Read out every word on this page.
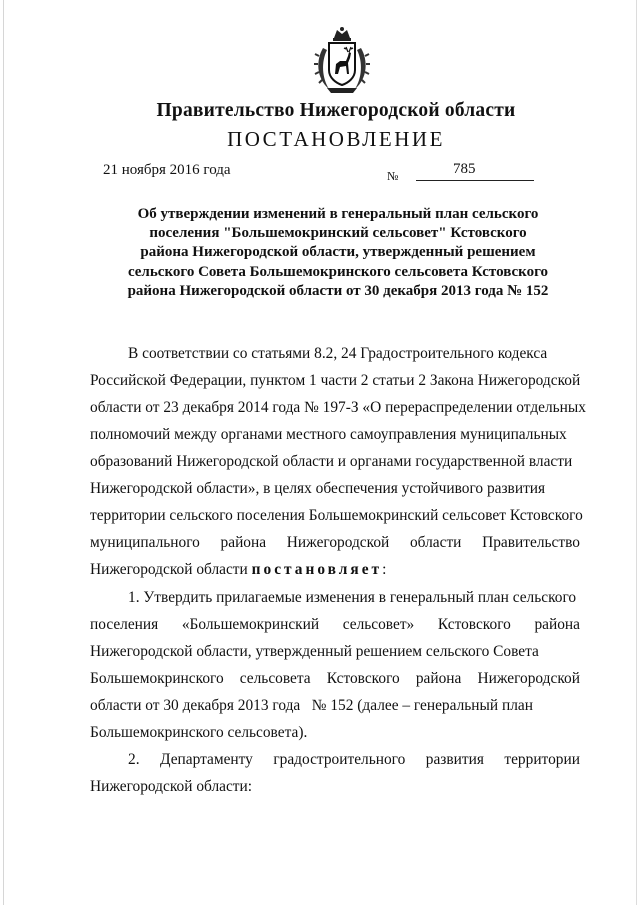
Правительство Нижегородской области
ПОСТАНОВЛЕНИЕ
21 ноября 2016 года	№	785
Об утверждении изменений в генеральный план сельского
поселения "Большемокринский сельсовет" Кстовского
района Нижегородской области, утвержденный решением
сельского Совета Большемокринского сельсовета Кстовского
района Нижегородской области от 30 декабря 2013 года № 152
В соответствии со статьями 8.2, 24 Градостроительного кодекса
Российской Федерации, пунктом 1 части 2 статьи 2 Закона Нижегородской
области от 23 декабря 2014 года № 197-З «О перераспределении отдельных
полномочий между органами местного самоуправления муниципальных
образований Нижегородской области и органами государственной власти
Нижегородской области», в целях обеспечения устойчивого развития
территории сельского поселения Большемокринский сельсовет Кстовского
муниципального района Нижегородской области Правительство
Нижегородской области постановляет:
1. Утвердить прилагаемые изменения в генеральный план сельского
поселения «Большемокринский сельсовет» Кстовского района
Нижегородской области, утвержденный решением сельского Совета
Большемокринского сельсовета Кстовского района Нижегородской
области от 30 декабря 2013 года   № 152 (далее – генеральный план
Большемокринского сельсовета).
2. Департаменту градостроительного развития территории
Нижегородской области:
